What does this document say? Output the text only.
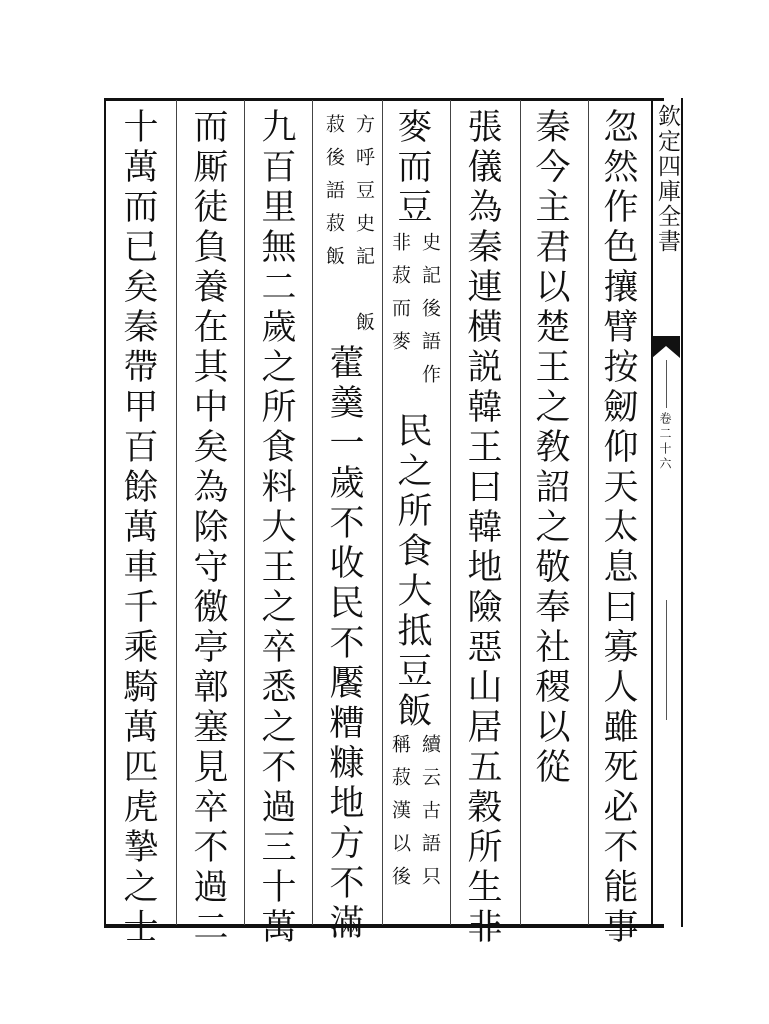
欽定四庫全書
卷二十六
忽然作色攘臂按劒仰天太息曰寡人雖死必不能事
秦今主君以楚王之敎詔之敬奉社稷以從
張儀為秦連横説韓王曰韓地險惡山居五穀所生非
麥而豆
史記後語作
非菽而麥
民之所食大抵豆飯
續云古語只
稱菽漢以後
方呼豆史記
菽後語菽飯
飯
藿羹一歲不收民不饜糟糠地方不滿
九百里無二歲之所食料大王之卒悉之不過三十萬
而厮徒負養在其中矣為除守徼亭鄣塞見卒不過二
十萬而已矣秦帶甲百餘萬車千乘騎萬匹虎摯之士
